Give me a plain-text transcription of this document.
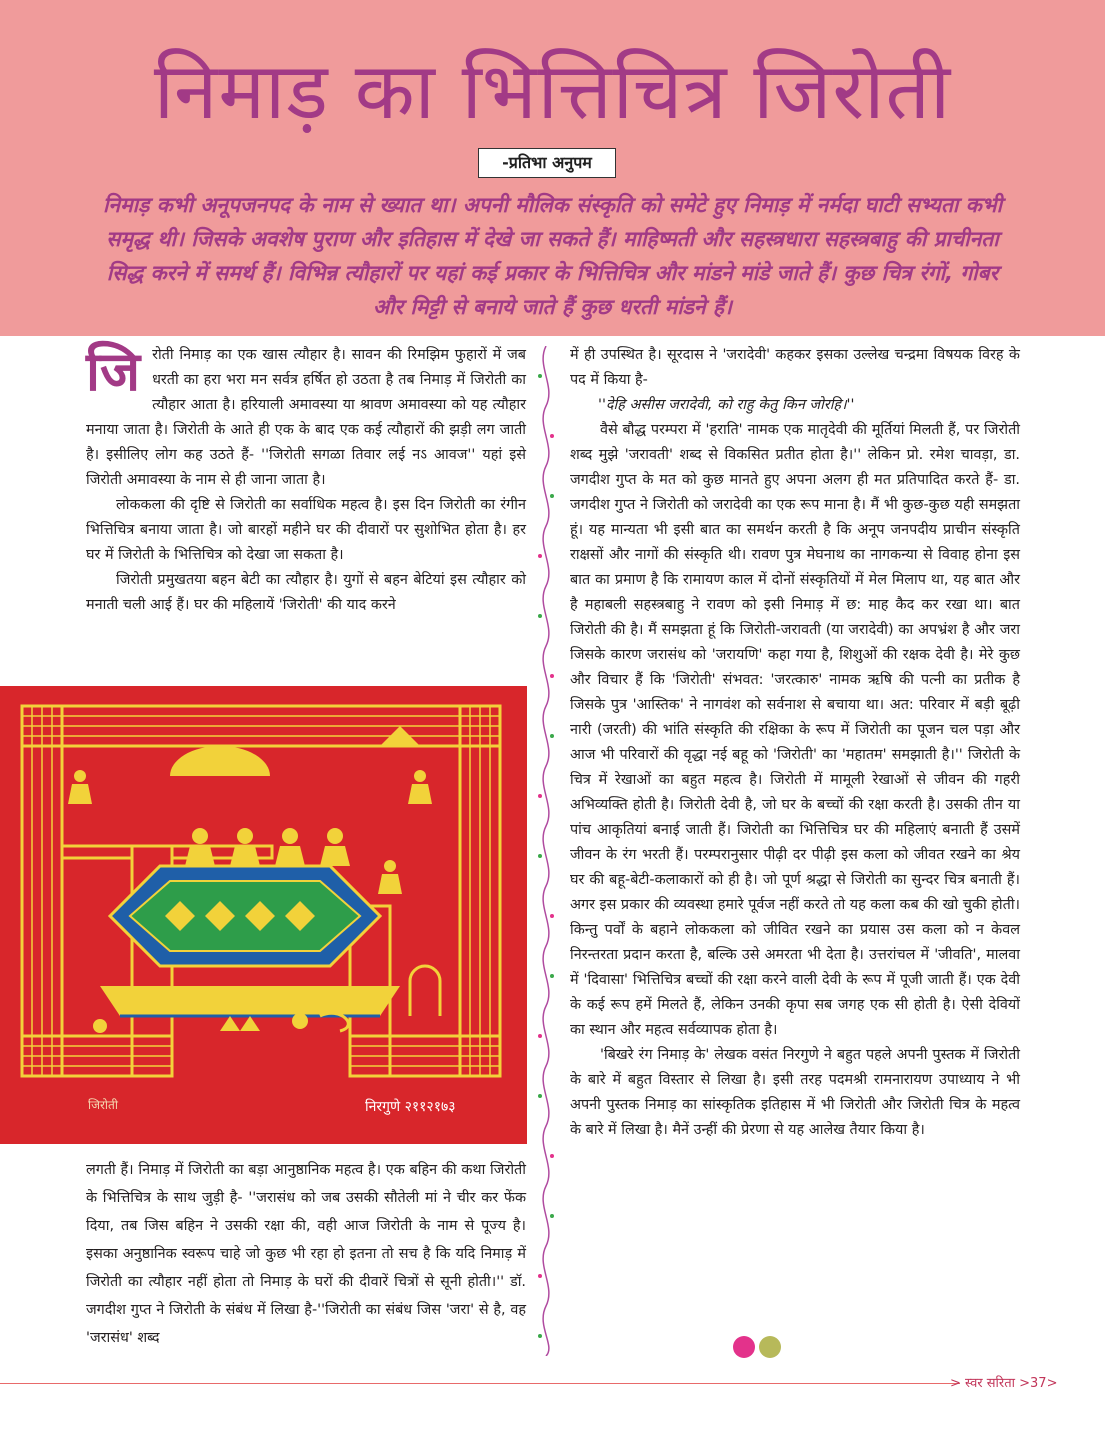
निमाड़ का भित्तिचित्र जिरोती
-प्रतिभा अनुपम
निमाड़ कभी अनूपजनपद के नाम से ख्यात था। अपनी मौलिक संस्कृति को समेटे हुए निमाड़ में नर्मदा घाटी सभ्यता कभी समृद्ध थी। जिसके अवशेष पुराण और इतिहास में देखे जा सकते हैं। माहिष्मती और सहस्त्रधारा सहस्त्रबाहु की प्राचीनता सिद्ध करने में समर्थ हैं। विभिन्न त्यौहारों पर यहां कई प्रकार के भित्तिचित्र और मांडने मांडे जाते हैं। कुछ चित्र रंगों, गोबर और मिट्टी से बनाये जाते हैं कुछ धरती मांडने हैं।
जि रोती निमाड़ का एक खास त्यौहार है। सावन की रिमझिम फुहारों में जब धरती का हरा भरा मन सर्वत्र हर्षित हो उठता है तब निमाड़ में जिरोती का त्यौहार आता है। हरियाली अमावस्या या श्रावण अमावस्या को यह त्यौहार मनाया जाता है। जिरोती के आते ही एक के बाद एक कई त्यौहारों की झड़ी लग जाती है। इसीलिए लोग कह उठते हैं- ''जिरोती सगळा तिवार लई नऽ आवज'' यहां इसे जिरोती अमावस्या के नाम से ही जाना जाता है।

लोककला की दृष्टि से जिरोती का सर्वाधिक महत्व है। इस दिन जिरोती का रंगीन भित्तिचित्र बनाया जाता है। जो बारहों महीने घर की दीवारों पर सुशोभित होता है। हर घर में जिरोती के भित्तिचित्र को देखा जा सकता है।

जिरोती प्रमुखतया बहन बेटी का त्यौहार है। युगों से बहन बेटियां इस त्यौहार को मनाती चली आई हैं। घर की महिलायें 'जिरोती' की याद करने

जिरोती	निरगुणे २११२१७३

लगती हैं। निमाड़ में जिरोती का बड़ा आनुष्ठानिक महत्व है। एक बहिन की कथा जिरोती के भित्तिचित्र के साथ जुड़ी है- ''जरासंध को जब उसकी सौतेली मां ने चीर कर फेंक दिया, तब जिस बहिन ने उसकी रक्षा की, वही आज जिरोती के नाम से पूज्य है। इसका अनुष्ठानिक स्वरूप चाहे जो कुछ भी रहा हो इतना तो सच है कि यदि निमाड़ में जिरोती का त्यौहार नहीं होता तो निमाड़ के घरों की दीवारें चित्रों से सूनी होती।'' डॉ. जगदीश गुप्त ने जिरोती के संबंध में लिखा है-''जिरोती का संबंध जिस 'जरा' से है, वह 'जरासंध' शब्द

में ही उपस्थित है। सूरदास ने 'जरादेवी' कहकर इसका उल्लेख चन्द्रमा विषयक विरह के पद में किया है-

''देहि असीस जरादेवी, को राहु केतु किन जोरहि।''

वैसे बौद्ध परम्परा में 'हराति' नामक एक मातृदेवी की मूर्तियां मिलती हैं, पर जिरोती शब्द मुझे 'जरावती' शब्द से विकसित प्रतीत होता है।'' लेकिन प्रो. रमेश चावड़ा, डा. जगदीश गुप्त के मत को कुछ मानते हुए अपना अलग ही मत प्रतिपादित करते हैं- डा. जगदीश गुप्त ने जिरोती को जरादेवी का एक रूप माना है। मैं भी कुछ-कुछ यही समझता हूं। यह मान्यता भी इसी बात का समर्थन करती है कि अनूप जनपदीय प्राचीन संस्कृति राक्षसों और नागों की संस्कृति थी। रावण पुत्र मेघनाथ का नागकन्या से विवाह होना इस बात का प्रमाण है कि रामायण काल में दोनों संस्कृतियों में मेल मिलाप था, यह बात और है महाबली सहस्त्रबाहु ने रावण को इसी निमाड़ में छ: माह कैद कर रखा था। बात जिरोती की है। मैं समझता हूं कि जिरोती-जरावती (या जरादेवी) का अपभ्रंश है और जरा जिसके कारण जरासंध को 'जरायणि' कहा गया है, शिशुओं की रक्षक देवी है। मेरे कुछ और विचार हैं कि 'जिरोती' संभवत: 'जरत्कारु' नामक ऋषि की पत्नी का प्रतीक है जिसके पुत्र 'आस्तिक' ने नागवंश को सर्वनाश से बचाया था। अत: परिवार में बड़ी बूढ़ी नारी (जरती) की भांति संस्कृति की रक्षिका के रूप में जिरोती का पूजन चल पड़ा और आज भी परिवारों की वृद्धा नई बहू को 'जिरोती' का 'महातम' समझाती है।'' जिरोती के चित्र में रेखाओं का बहुत महत्व है। जिरोती में मामूली रेखाओं से जीवन की गहरी अभिव्यक्ति होती है। जिरोती देवी है, जो घर के बच्चों की रक्षा करती है। उसकी तीन या पांच आकृतियां बनाई जाती हैं। जिरोती का भित्तिचित्र घर की महिलाएं बनाती हैं उसमें जीवन के रंग भरती हैं। परम्परानुसार पीढ़ी दर पीढ़ी इस कला को जीवत रखने का श्रेय घर की बहू-बेटी-कलाकारों को ही है। जो पूर्ण श्रद्धा से जिरोती का सुन्दर चित्र बनाती हैं। अगर इस प्रकार की व्यवस्था हमारे पूर्वज नहीं करते तो यह कला कब की खो चुकी होती। किन्तु पर्वों के बहाने लोककला को जीवित रखने का प्रयास उस कला को न केवल निरन्तरता प्रदान करता है, बल्कि उसे अमरता भी देता है। उत्तरांचल में 'जीवति', मालवा में 'दिवासा' भित्तिचित्र बच्चों की रक्षा करने वाली देवी के रूप में पूजी जाती हैं। एक देवी के कई रूप हमें मिलते हैं, लेकिन उनकी कृपा सब जगह एक सी होती है। ऐसी देवियों का स्थान और महत्व सर्वव्यापक होता है।

'बिखरे रंग निमाड़ के' लेखक वसंत निरगुणे ने बहुत पहले अपनी पुस्तक में जिरोती के बारे में बहुत विस्तार से लिखा है। इसी तरह पदमश्री रामनारायण उपाध्याय ने भी अपनी पुस्तक निमाड़ का सांस्कृतिक इतिहास में भी जिरोती और जिरोती चित्र के महत्व के बारे में लिखा है। मैनें उन्हीं की प्रेरणा से यह आलेख तैयार किया है।

> स्वर सरिता >37>
